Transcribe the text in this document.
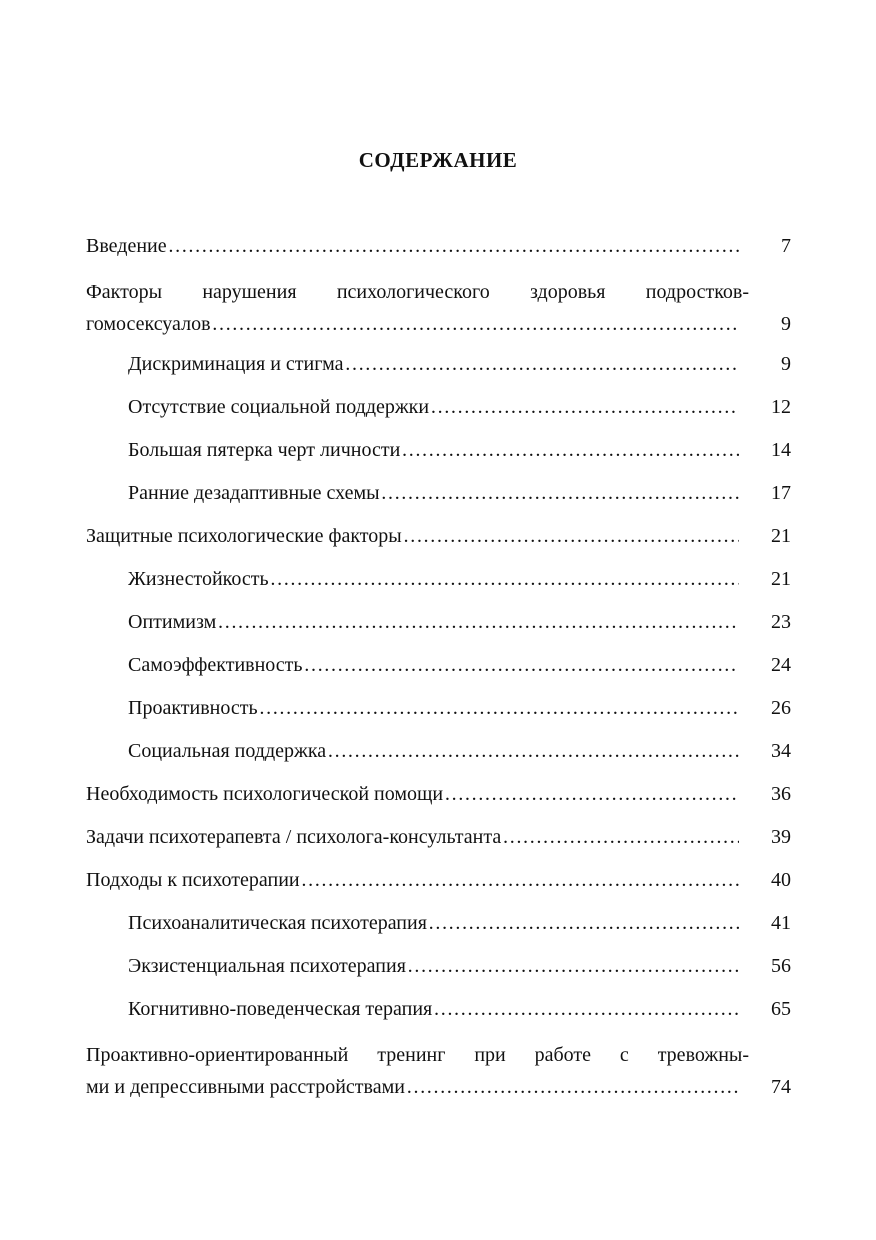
СОДЕРЖАНИЕ
Введение ……………………………………………………………………………………………………………………………………………………………………………………	7
Факторы нарушения психологического здоровья подростков-
гомосексуалов ……………………………………………………………………………………………………………………………………………………………………………………	9
Дискриминация и стигма ……………………………………………………………………………………………………………………………………………………………………………………	9
Отсутствие социальной поддержки ……………………………………………………………………………………………………………………………………………………………………………………	12
Большая пятерка черт личности ……………………………………………………………………………………………………………………………………………………………………………………	14
Ранние дезадаптивные схемы ……………………………………………………………………………………………………………………………………………………………………………………	17
Защитные психологические факторы ……………………………………………………………………………………………………………………………………………………………………………………	21
Жизнестойкость ……………………………………………………………………………………………………………………………………………………………………………………	21
Оптимизм ……………………………………………………………………………………………………………………………………………………………………………………	23
Самоэффективность ……………………………………………………………………………………………………………………………………………………………………………………	24
Проактивность ……………………………………………………………………………………………………………………………………………………………………………………	26
Социальная поддержка ……………………………………………………………………………………………………………………………………………………………………………………	34
Необходимость психологической помощи ……………………………………………………………………………………………………………………………………………………………………………………	36
Задачи психотерапевта / психолога-консультанта ……………………………………………………………………………………………………………………………………………………………………………………	39
Подходы к психотерапии ……………………………………………………………………………………………………………………………………………………………………………………	40
Психоаналитическая психотерапия ……………………………………………………………………………………………………………………………………………………………………………………	41
Экзистенциальная психотерапия ……………………………………………………………………………………………………………………………………………………………………………………	56
Когнитивно-поведенческая терапия ……………………………………………………………………………………………………………………………………………………………………………………	65
Проактивно-ориентированный тренинг при работе с тревожны-
ми и депрессивными расстройствами ……………………………………………………………………………………………………………………………………………………………………………………	74
